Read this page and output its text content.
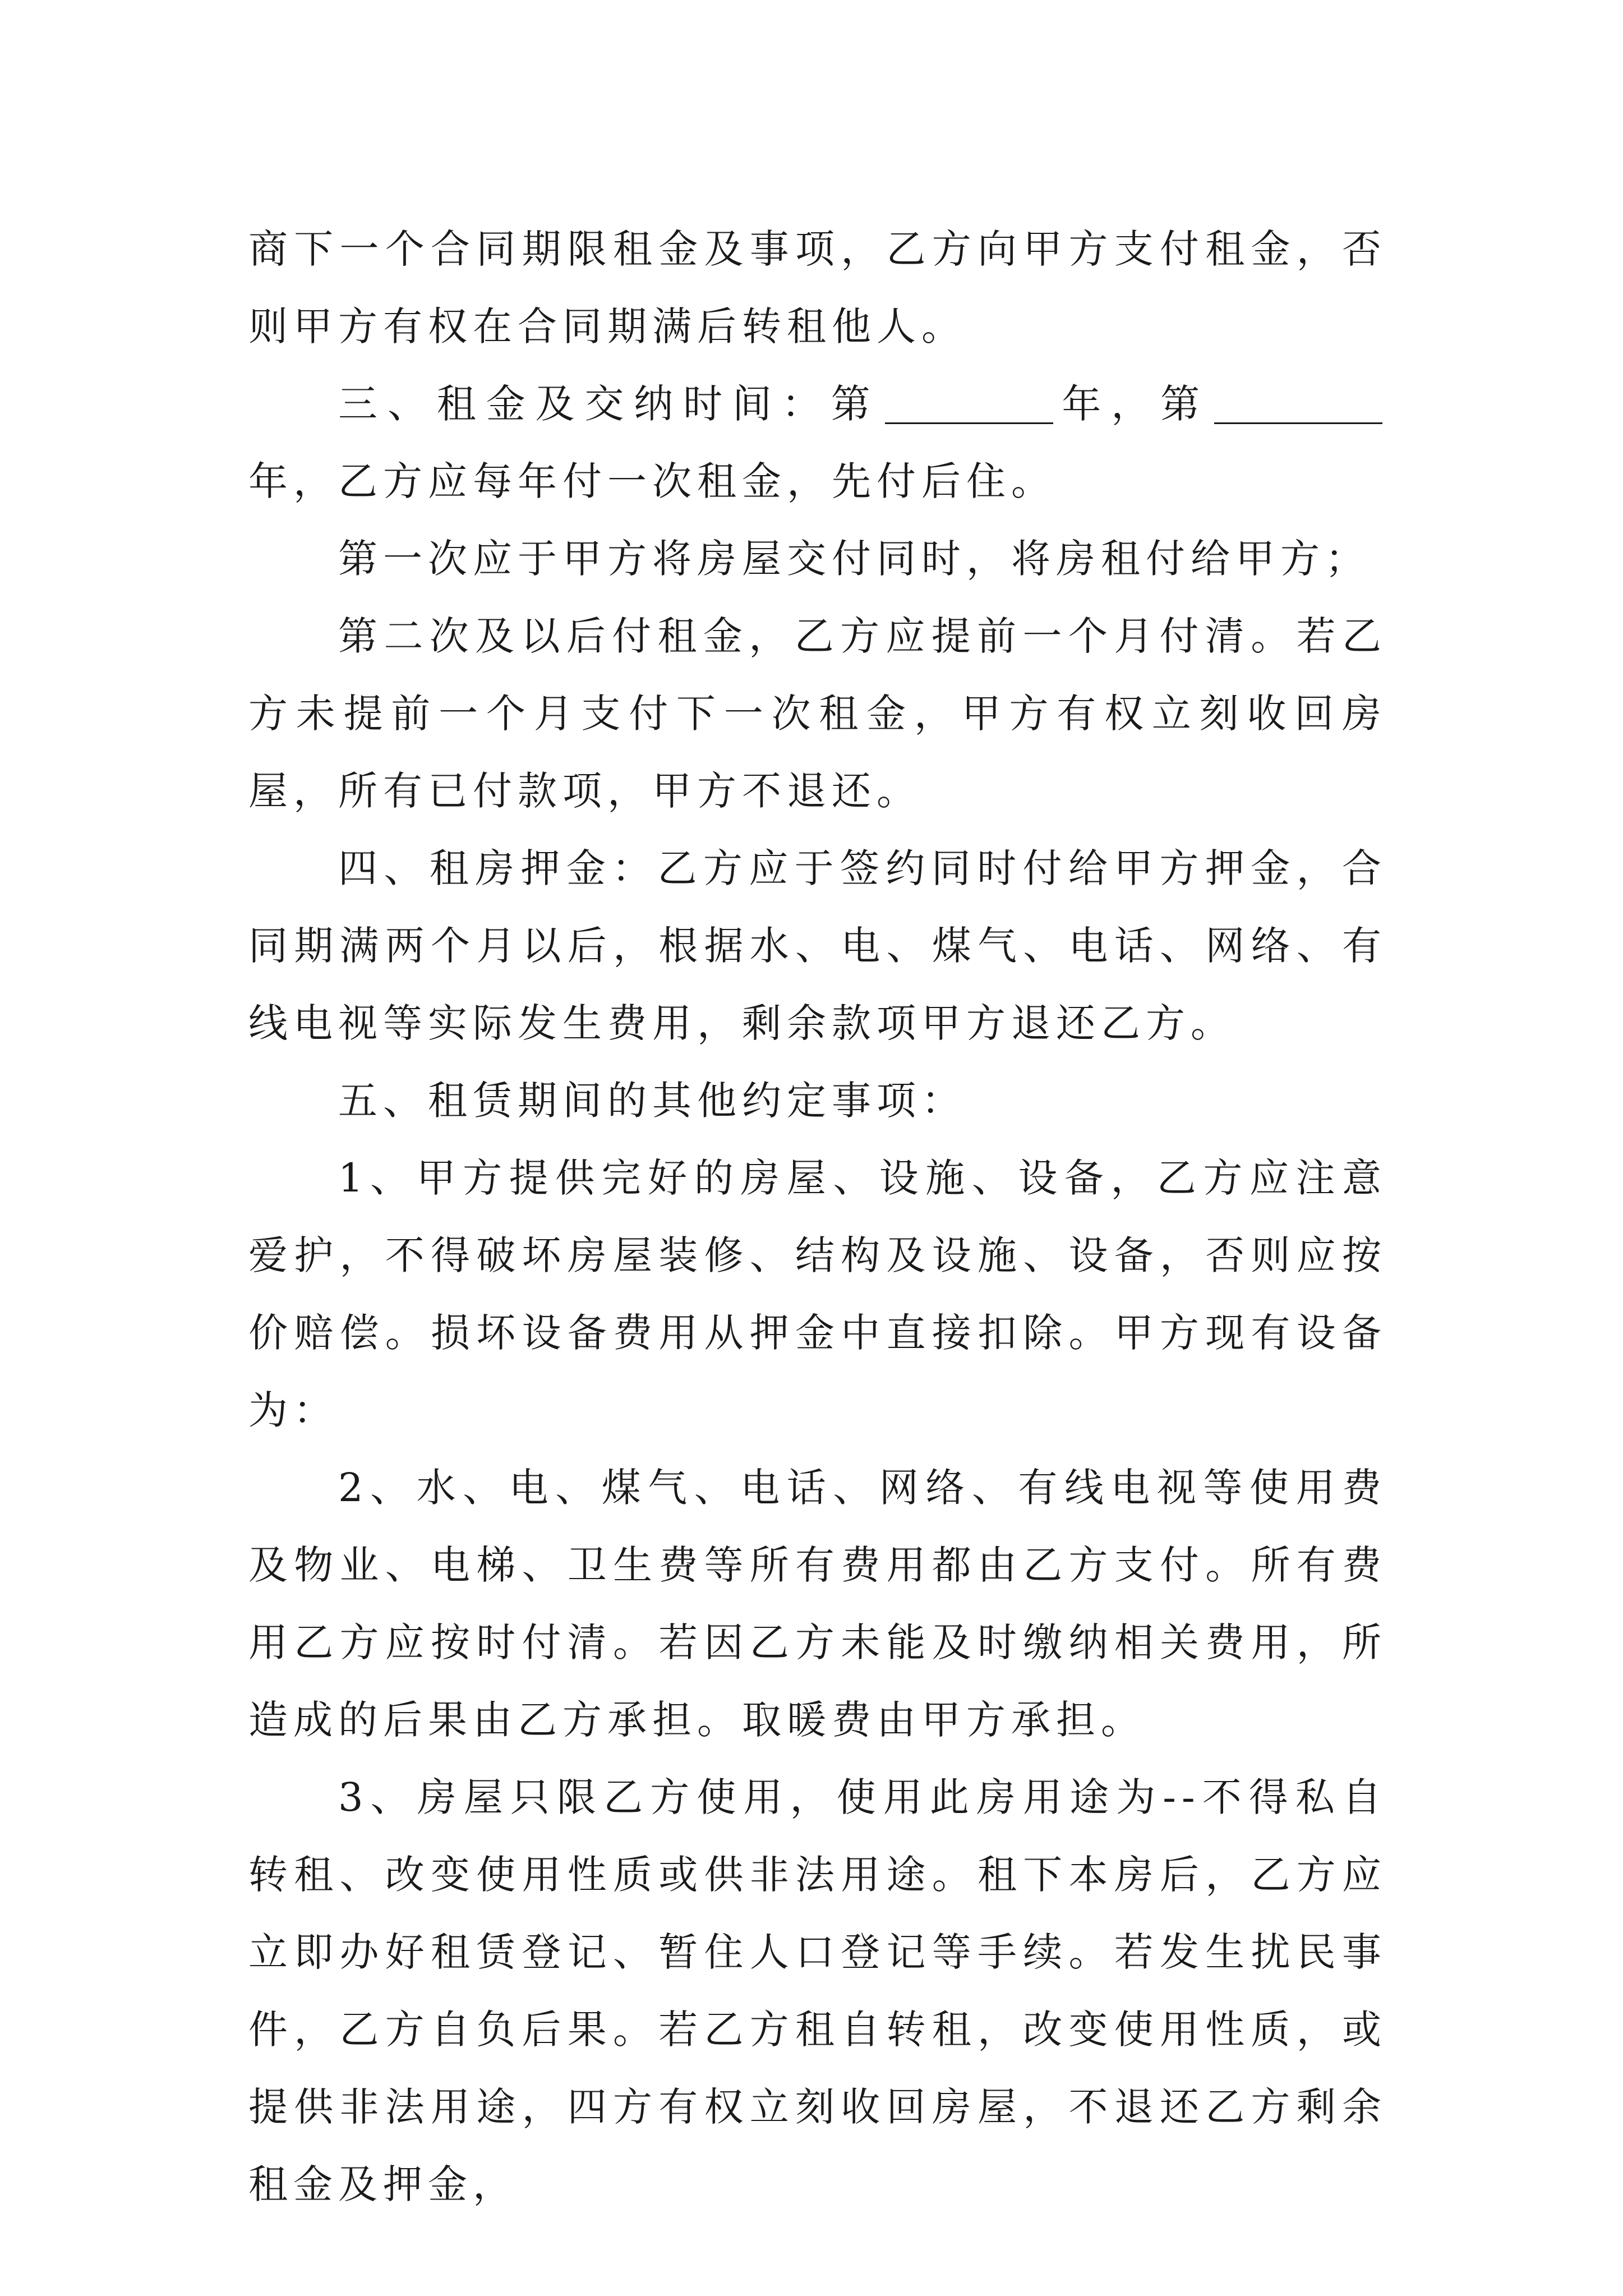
商下一个合同期限租金及事项，乙方向甲方支付租金，否则甲方有权在合同期满后转租他人。

三、租金及交纳时间：第	年，第年，乙方应每年付一次租金，先付后住。

第一次应于甲方将房屋交付同时，将房租付给甲方；

第二次及以后付租金，乙方应提前一个月付清。若乙方未提前一个月支付下一次租金，甲方有权立刻收回房屋，所有已付款项，甲方不退还。

四、租房押金：乙方应于签约同时付给甲方押金，合同期满两个月以后，根据水、电、煤气、电话、网络、有线电视等实际发生费用，剩余款项甲方退还乙方。

五、租赁期间的其他约定事项：

1、甲方提供完好的房屋、设施、设备，乙方应注意爱护，不得破坏房屋装修、结构及设施、设备，否则应按价赔偿。损坏设备费用从押金中直接扣除。甲方现有设备为：

2、水、电、煤气、电话、网络、有线电视等使用费及物业、电梯、卫生费等所有费用都由乙方支付。所有费用乙方应按时付清。若因乙方未能及时缴纳相关费用，所造成的后果由乙方承担。取暖费由甲方承担。

3、房屋只限乙方使用，使用此房用途为--不得私自转租、改变使用性质或供非法用途。租下本房后，乙方应立即办好租赁登记、暂住人口登记等手续。若发生扰民事件，乙方自负后果。若乙方租自转租，改变使用性质，或提供非法用途，四方有权立刻收回房屋，不退还乙方剩余租金及押金，
